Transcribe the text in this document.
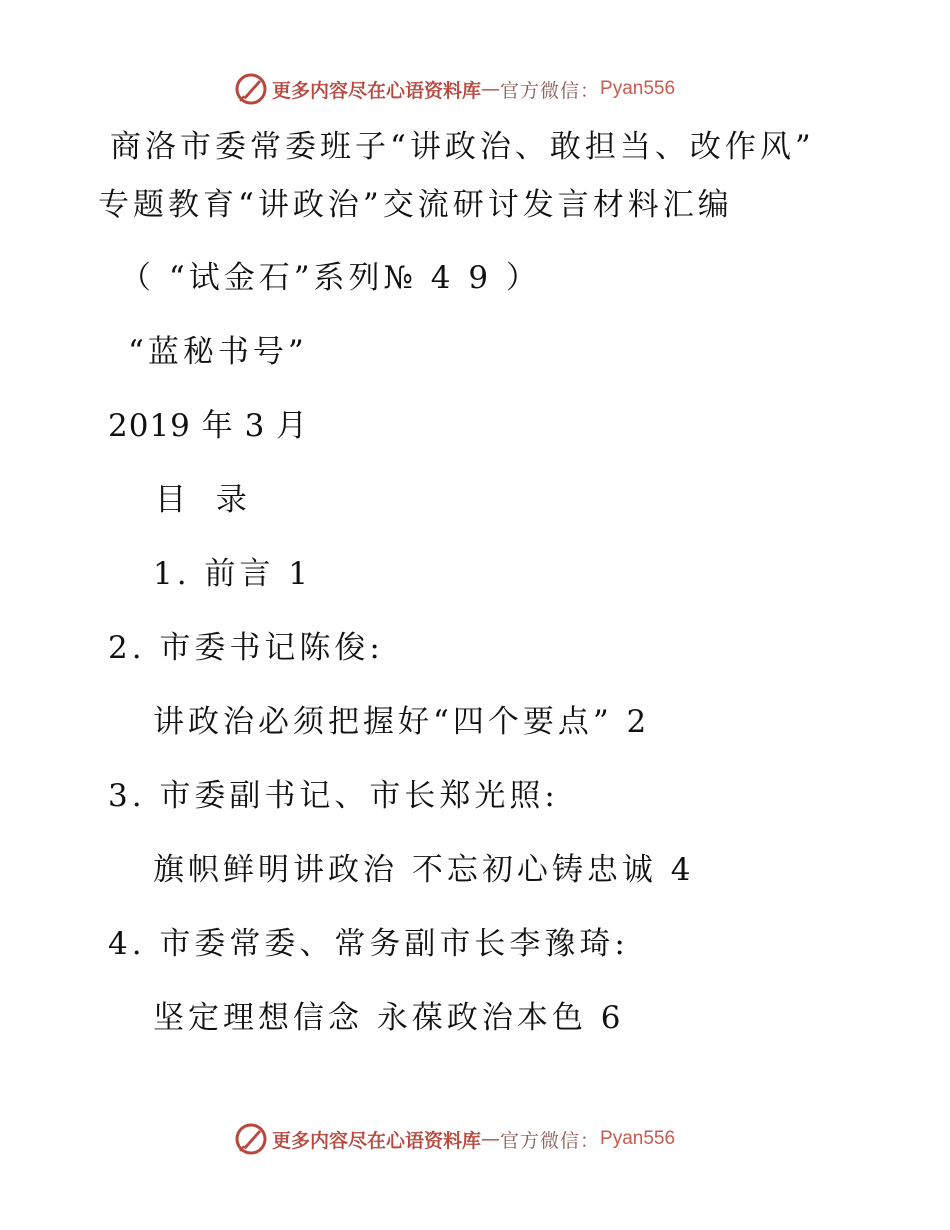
更多内容尽在心语资料库 — 官方微信： Pyan556
商洛市委常委班子“讲政治、敢担当、改作风”
专题教育“讲政治”交流研讨发言材料汇编
（ “试金石”系列№ 4 9 ）
“蓝秘书号”
2019 年 3 月
目 录
1. 前言 1
2. 市委书记陈俊:
讲政治必须把握好“四个要点” 2
3. 市委副书记、市长郑光照:
旗帜鲜明讲政治 不忘初心铸忠诚 4
4. 市委常委、常务副市长李豫琦:
坚定理想信念 永葆政治本色 6
更多内容尽在心语资料库 — 官方微信： Pyan556
